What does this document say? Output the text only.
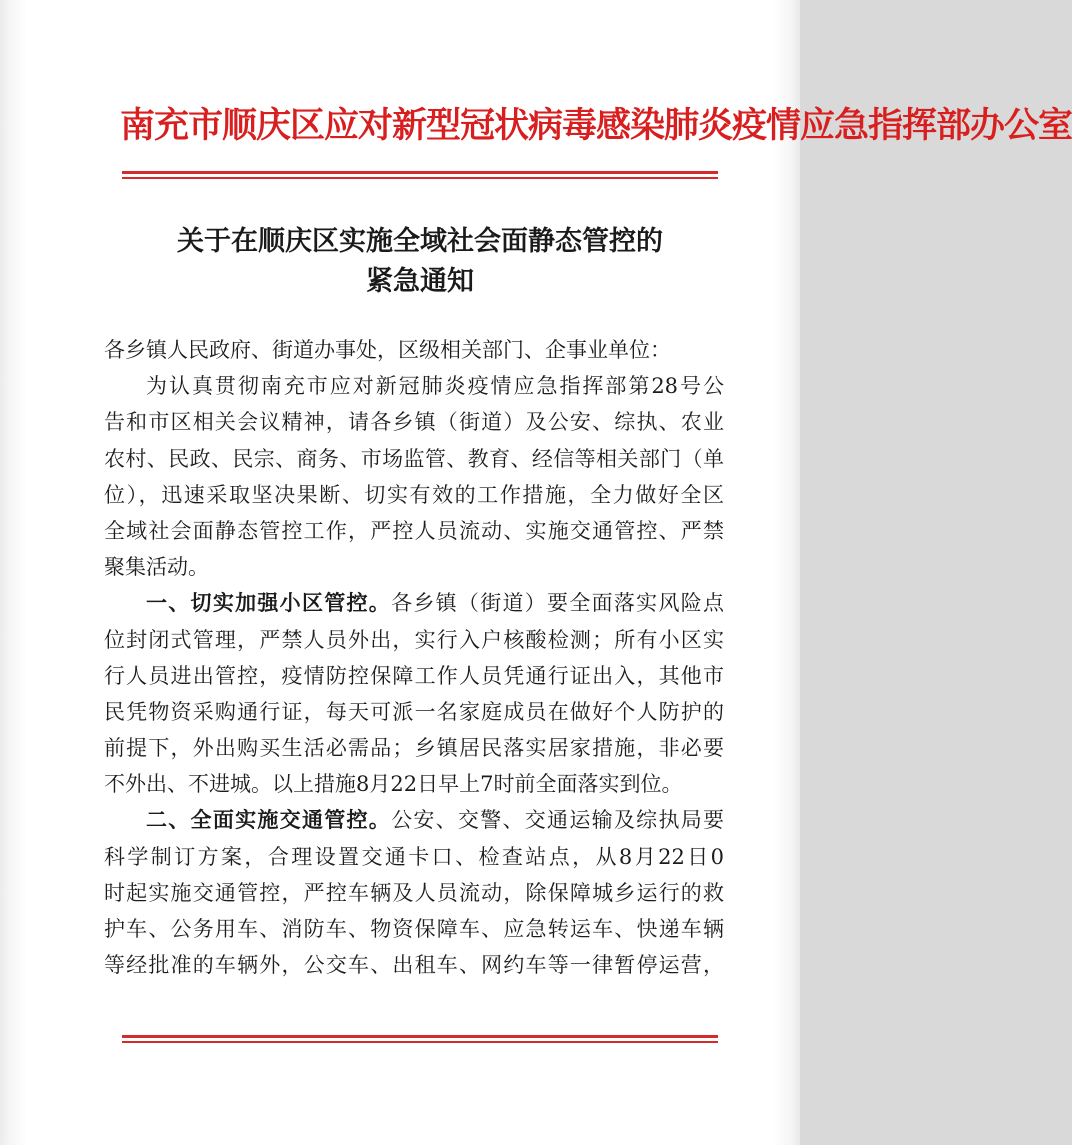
南充市顺庆区应对新型冠状病毒感染肺炎疫情应急指挥部办公室
关于在顺庆区实施全域社会面静态管控的
紧急通知
各乡镇人民政府、街道办事处，区级相关部门、企事业单位：
为认真贯彻南充市应对新冠肺炎疫情应急指挥部第28号公
告和市区相关会议精神，请各乡镇（街道）及公安、综执、农业
农村、民政、民宗、商务、市场监管、教育、经信等相关部门（单
位），迅速采取坚决果断、切实有效的工作措施，全力做好全区
全域社会面静态管控工作，严控人员流动、实施交通管控、严禁
聚集活动。
一、切实加强小区管控。各乡镇（街道）要全面落实风险点
位封闭式管理，严禁人员外出，实行入户核酸检测；所有小区实
行人员进出管控，疫情防控保障工作人员凭通行证出入，其他市
民凭物资采购通行证，每天可派一名家庭成员在做好个人防护的
前提下，外出购买生活必需品；乡镇居民落实居家措施，非必要
不外出、不进城。以上措施8月22日早上7时前全面落实到位。
二、全面实施交通管控。公安、交警、交通运输及综执局要
科学制订方案，合理设置交通卡口、检查站点，从8月22日0
时起实施交通管控，严控车辆及人员流动，除保障城乡运行的救
护车、公务用车、消防车、物资保障车、应急转运车、快递车辆
等经批准的车辆外，公交车、出租车、网约车等一律暂停运营，
